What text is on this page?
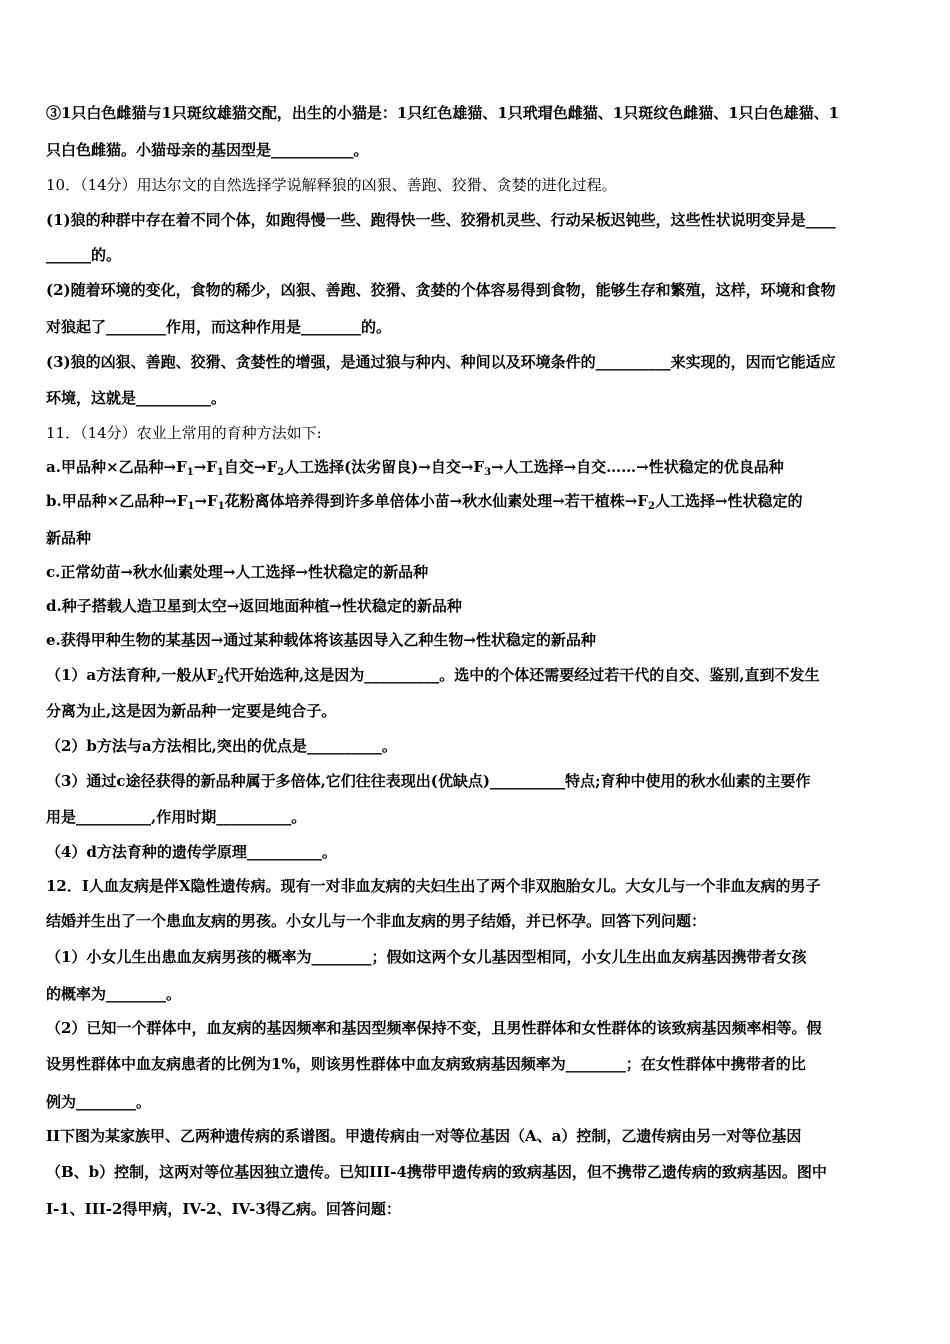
③1只白色雌猫与1只斑纹雄猫交配，出生的小猫是：1只红色雄猫、1只玳瑁色雌猫、1只斑纹色雌猫、1只白色雄猫、1
只白色雌猫。小猫母亲的基因型是___________。
10．（14分）用达尔文的自然选择学说解释狼的凶狠、善跑、狡猾、贪婪的进化过程。
(1)狼的种群中存在着不同个体，如跑得慢一些、跑得快一些、狡猾机灵些、行动呆板迟钝些，这些性状说明变异是____
______的。
(2)随着环境的变化，食物的稀少，凶狠、善跑、狡猾、贪婪的个体容易得到食物，能够生存和繁殖，这样，环境和食物
对狼起了________作用，而这种作用是________的。
(3)狼的凶狠、善跑、狡猾、贪婪性的增强，是通过狼与种内、种间以及环境条件的__________来实现的，因而它能适应
环境，这就是__________。
11．（14分）农业上常用的育种方法如下:
a.甲品种×乙品种$\to F_1\to F_1$自交$\to F_2$人工选择(汰劣留良)→自交$\to F_3\to$人工选择→自交……→性状稳定的优良品种
b.甲品种×乙品种$\to F_1\to F_1$花粉离体培养得到许多单倍体小苗→秋水仙素处理→若干植株$\to F_2$人工选择→性状稳定的
新品种
c.正常幼苗→秋水仙素处理→人工选择→性状稳定的新品种
d.种子搭载人造卫星到太空→返回地面种植→性状稳定的新品种
e.获得甲种生物的某基因→通过某种载体将该基因导入乙种生物→性状稳定的新品种
（1）a方法育种,一般从$F_2$代开始选种,这是因为__________。选中的个体还需要经过若干代的自交、鉴别,直到不发生
分离为止,这是因为新品种一定要是纯合子。
（2）b方法与a方法相比,突出的优点是__________。
（3）通过c途径获得的新品种属于多倍体,它们往往表现出(优缺点)__________特点;育种中使用的秋水仙素的主要作
用是__________,作用时期__________。
（4）d方法育种的遗传学原理__________。
12．I人血友病是伴X隐性遗传病。现有一对非血友病的夫妇生出了两个非双胞胎女儿。大女儿与一个非血友病的男子
结婚并生出了一个患血友病的男孩。小女儿与一个非血友病的男子结婚，并已怀孕。回答下列问题：
（1）小女儿生出患血友病男孩的概率为________；假如这两个女儿基因型相同，小女儿生出血友病基因携带者女孩
的概率为________。
（2）已知一个群体中，血友病的基因频率和基因型频率保持不变，且男性群体和女性群体的该致病基因频率相等。假
设男性群体中血友病患者的比例为1%，则该男性群体中血友病致病基因频率为________；在女性群体中携带者的比
例为________。
II下图为某家族甲、乙两种遗传病的系谱图。甲遗传病由一对等位基因（A、a）控制，乙遗传病由另一对等位基因
（B、b）控制，这两对等位基因独立遗传。已知III-4携带甲遗传病的致病基因，但不携带乙遗传病的致病基因。图中
I-1、III-2得甲病，IV-2、IV-3得乙病。回答问题：
